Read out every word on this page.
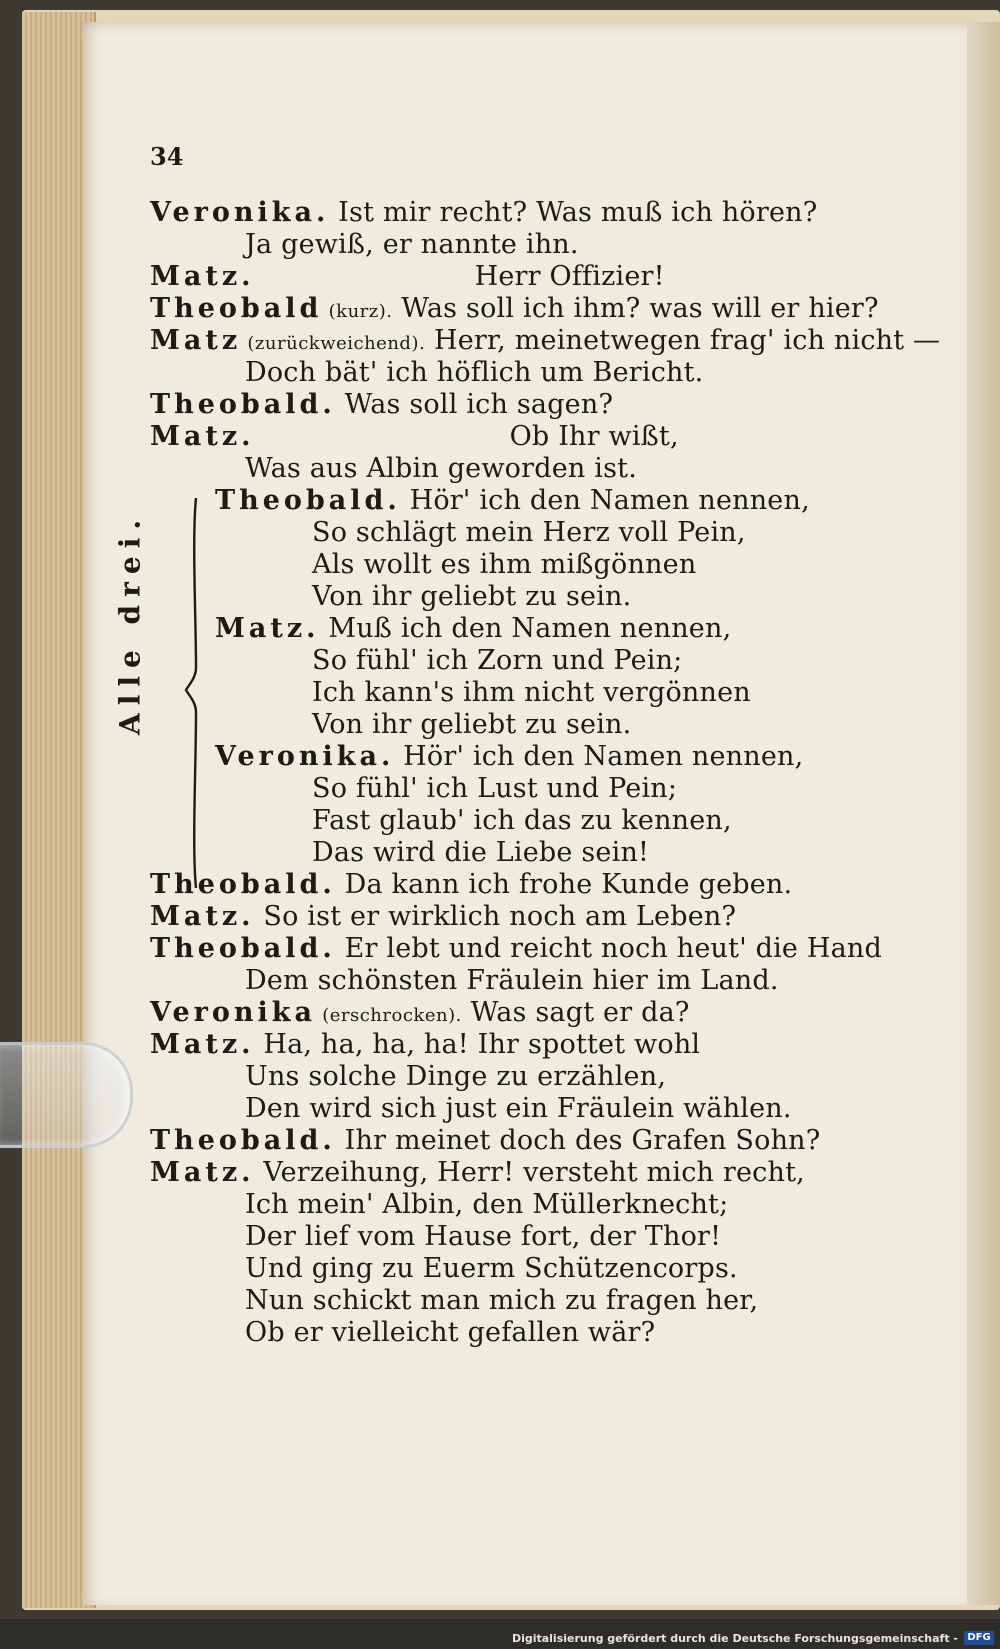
34
Veronika. Ist mir recht? Was muß ich hören?
Ja gewiß, er nannte ihn.
Matz.	Herr Offizier!
Theobald (kurz). Was soll ich ihm? was will er hier?
Matz (zurückweichend). Herr, meinetwegen frag' ich nicht —
Doch bät' ich höflich um Bericht.
Theobald. Was soll ich sagen?
Matz.	Ob Ihr wißt,
Was aus Albin geworden ist.
Theobald. Hör' ich den Namen nennen,
So schlägt mein Herz voll Pein,
Als wollt es ihm mißgönnen
Von ihr geliebt zu sein.
Matz. Muß ich den Namen nennen,
So fühl' ich Zorn und Pein;
Ich kann's ihm nicht vergönnen
Von ihr geliebt zu sein.
Veronika. Hör' ich den Namen nennen,
So fühl' ich Lust und Pein;
Fast glaub' ich das zu kennen,
Das wird die Liebe sein!
Theobald. Da kann ich frohe Kunde geben.
Matz. So ist er wirklich noch am Leben?
Theobald. Er lebt und reicht noch heut' die Hand
Dem schönsten Fräulein hier im Land.
Veronika (erschrocken). Was sagt er da?
Matz. Ha, ha, ha, ha! Ihr spottet wohl
Uns solche Dinge zu erzählen,
Den wird sich just ein Fräulein wählen.
Theobald. Ihr meinet doch des Grafen Sohn?
Matz. Verzeihung, Herr! versteht mich recht,
Ich mein' Albin, den Müllerknecht;
Der lief vom Hause fort, der Thor!
Und ging zu Euerm Schützencorps.
Nun schickt man mich zu fragen her,
Ob er vielleicht gefallen wär?
Digitalisierung gefördert durch die Deutsche Forschungsgemeinschaft - DFG
